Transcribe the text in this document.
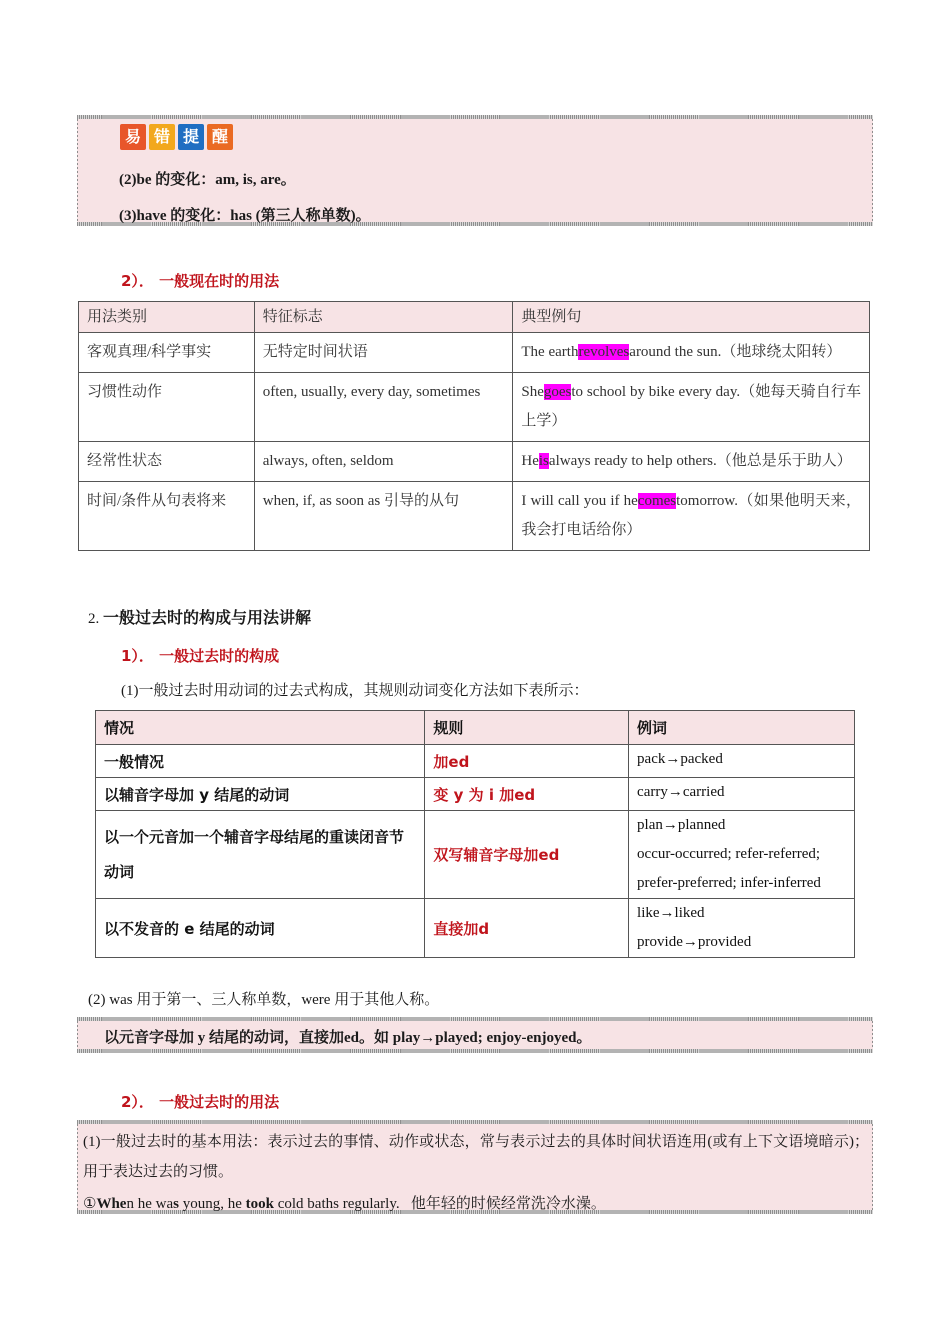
易 错 提 醒
(2)be 的变化：am, is, are。
(3)have 的变化：has (第三人称单数)。
2）． 一般现在时的用法
用法类别	特征标志	典型例句
客观真理/科学事实	无特定时间状语	The earthrevolvesaround the sun.（地球绕太阳转）
习惯性动作	often, usually, every day, sometimes	Shegoesto school by bike every day.（她每天骑自行车上学）
经常性状态	always, often, seldom	Heisalways ready to help others.（他总是乐于助人）
时间/条件从句表将来	when, if, as soon as 引导的从句	I will call you if hecomestomorrow.（如果他明天来，我会打电话给你）
2. 一般过去时的构成与用法讲解
1）． 一般过去时的构成
(1)一般过去时用动词的过去式构成，其规则动词变化方法如下表所示：
情况	规则	例词
一般情况	加ed	pack→packed

以辅音字母加 y 结尾的动词	变 y 为 i 加ed	carry→carried

以一个元音加一个辅音字母结尾的重读闭音节动词	双写辅音字母加ed	plan→planned
occur-occurred; refer-referred;
prefer-preferred; infer-inferred

以不发音的 e 结尾的动词	直接加d	like→liked
provide→provided
(2) was 用于第一、三人称单数，were 用于其他人称。
以元音字母加 y 结尾的动词，直接加ed。如 play→played; enjoy-enjoyed。
2）． 一般过去时的用法
(1)一般过去时的基本用法：表示过去的事情、动作或状态，常与表示过去的具体时间状语连用(或有上下文语境暗示)；用于表达过去的习惯。
①When he was young, he took cold baths regularly. 他年轻的时候经常洗冷水澡。
